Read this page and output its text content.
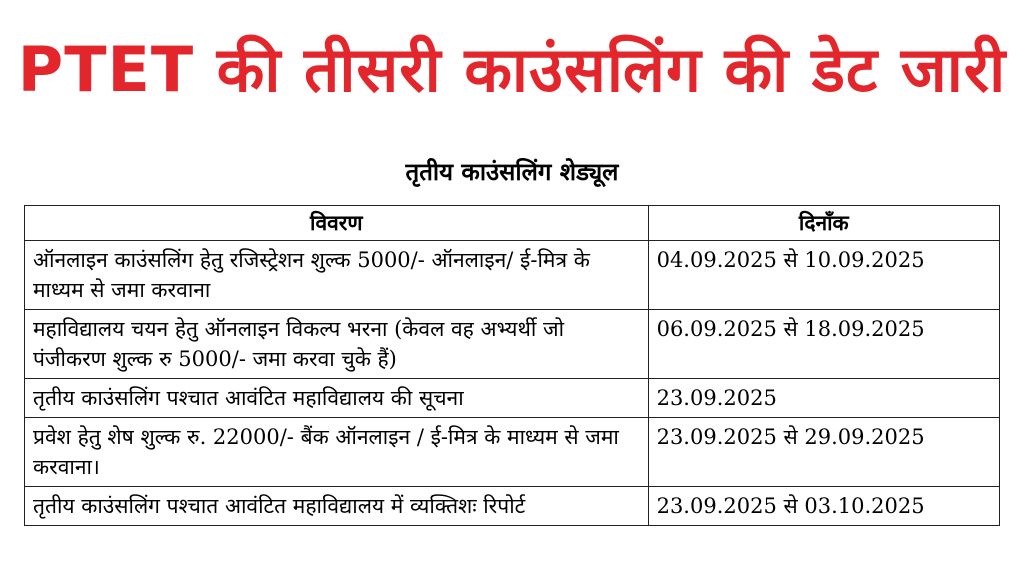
PTET की तीसरी काउंसलिंग की डेट जारी
तृतीय काउंसलिंग शेड्यूल
विवरण	दिनाँक
ऑनलाइन काउंसलिंग हेतु रजिस्ट्रेशन शुल्क 5000/- ऑनलाइन/ ई-मित्र के माध्यम से जमा करवाना	04.09.2025 से 10.09.2025
महाविद्यालय चयन हेतु ऑनलाइन विकल्प भरना (केवल वह अभ्यर्थी जो पंजीकरण शुल्क रु 5000/- जमा करवा चुके हैं)	06.09.2025 से 18.09.2025
तृतीय काउंसलिंग पश्चात आवंटित महाविद्यालय की सूचना	23.09.2025
प्रवेश हेतु शेष शुल्क रु. 22000/- बैंक ऑनलाइन / ई-मित्र के माध्यम से जमा करवाना।	23.09.2025 से 29.09.2025
तृतीय काउंसलिंग पश्चात आवंटित महाविद्यालय में व्यक्तिशः रिपोर्ट	23.09.2025 से 03.10.2025
